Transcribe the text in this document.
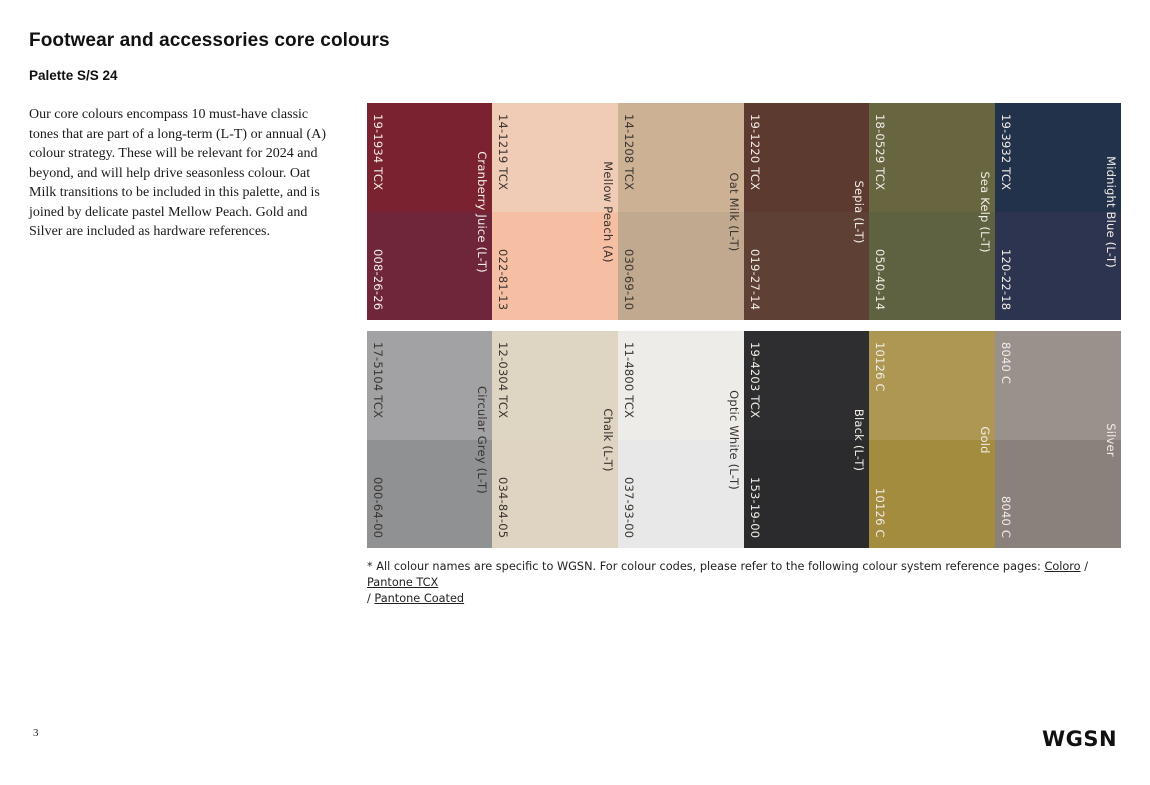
Footwear and accessories core colours
Palette S/S 24

Our core colours encompass 10 must-have classic tones that are part of a long-term (L-T) or annual (A) colour strategy. These will be relevant for 2024 and beyond, and will help drive seasonless colour. Oat Milk transitions to be included in this palette, and is joined by delicate pastel Mellow Peach. Gold and Silver are included as hardware references.

19-1934 TCX
008-26-26
Cranberry Juice (L-T) 14-1219 TCX
022-81-13
Mellow Peach (A)
14-1208 TCX
030-69-10
Oat Milk (L-T)
19-1220 TCX
019-27-14
Sepia (L-T)
18-0529 TCX
050-40-14
Sea Kelp (L-T)
19-3932 TCX
120-22-18
Midnight Blue (L-T)
17-5104 TCX
000-64-00
Circular Grey (L-T)
12-0304 TCX
034-84-05
Chalk (L-T)
11-4800 TCX
037-93-00
Optic White (L-T)
19-4203 TCX
153-19-00
Black (L-T)
10126 C
10126 C
Gold
8040 C
8040 C
Silver
* All colour names are specific to WGSN. For colour codes, please refer to the following colour system reference pages: Coloro / Pantone TCX
/ Pantone Coated
3	WGSN
